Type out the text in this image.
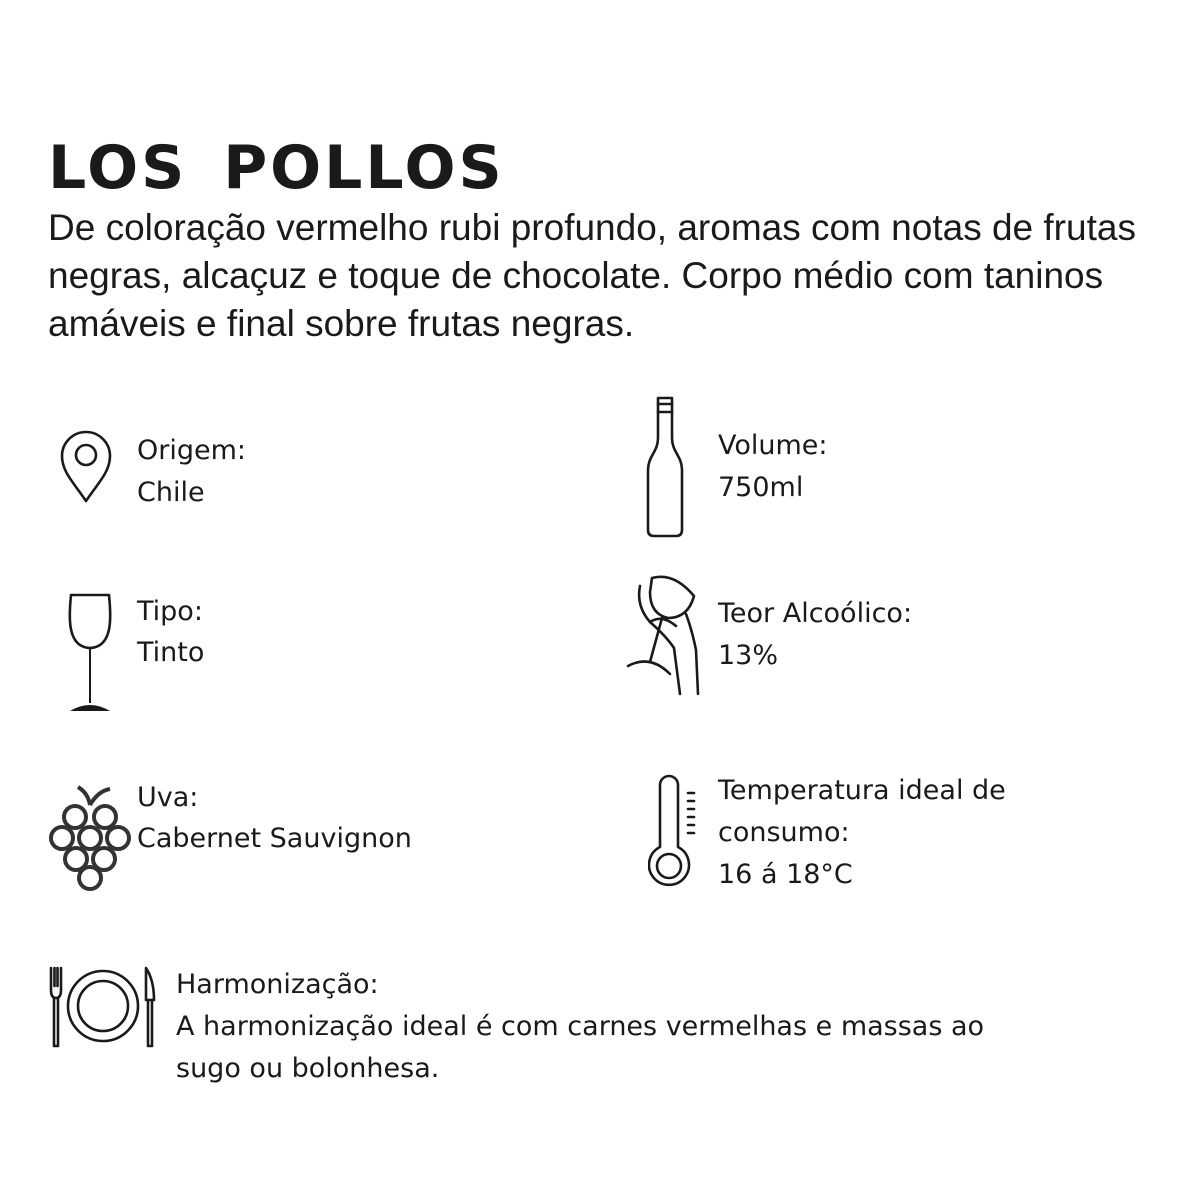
LOS POLLOS

De coloração vermelho rubi profundo, aromas com notas de frutas negras, alcaçuz e toque de chocolate. Corpo médio com taninos amáveis e final sobre frutas negras.

Origem:
Chile
Volume:
750ml
Tipo:
Tinto
Teor Alcoólico:
13%
Uva:
Cabernet Sauvignon
Temperatura ideal de consumo:
16 á 18°C
Harmonização:
A harmonização ideal é com carnes vermelhas e massas ao sugo ou bolonhesa.
